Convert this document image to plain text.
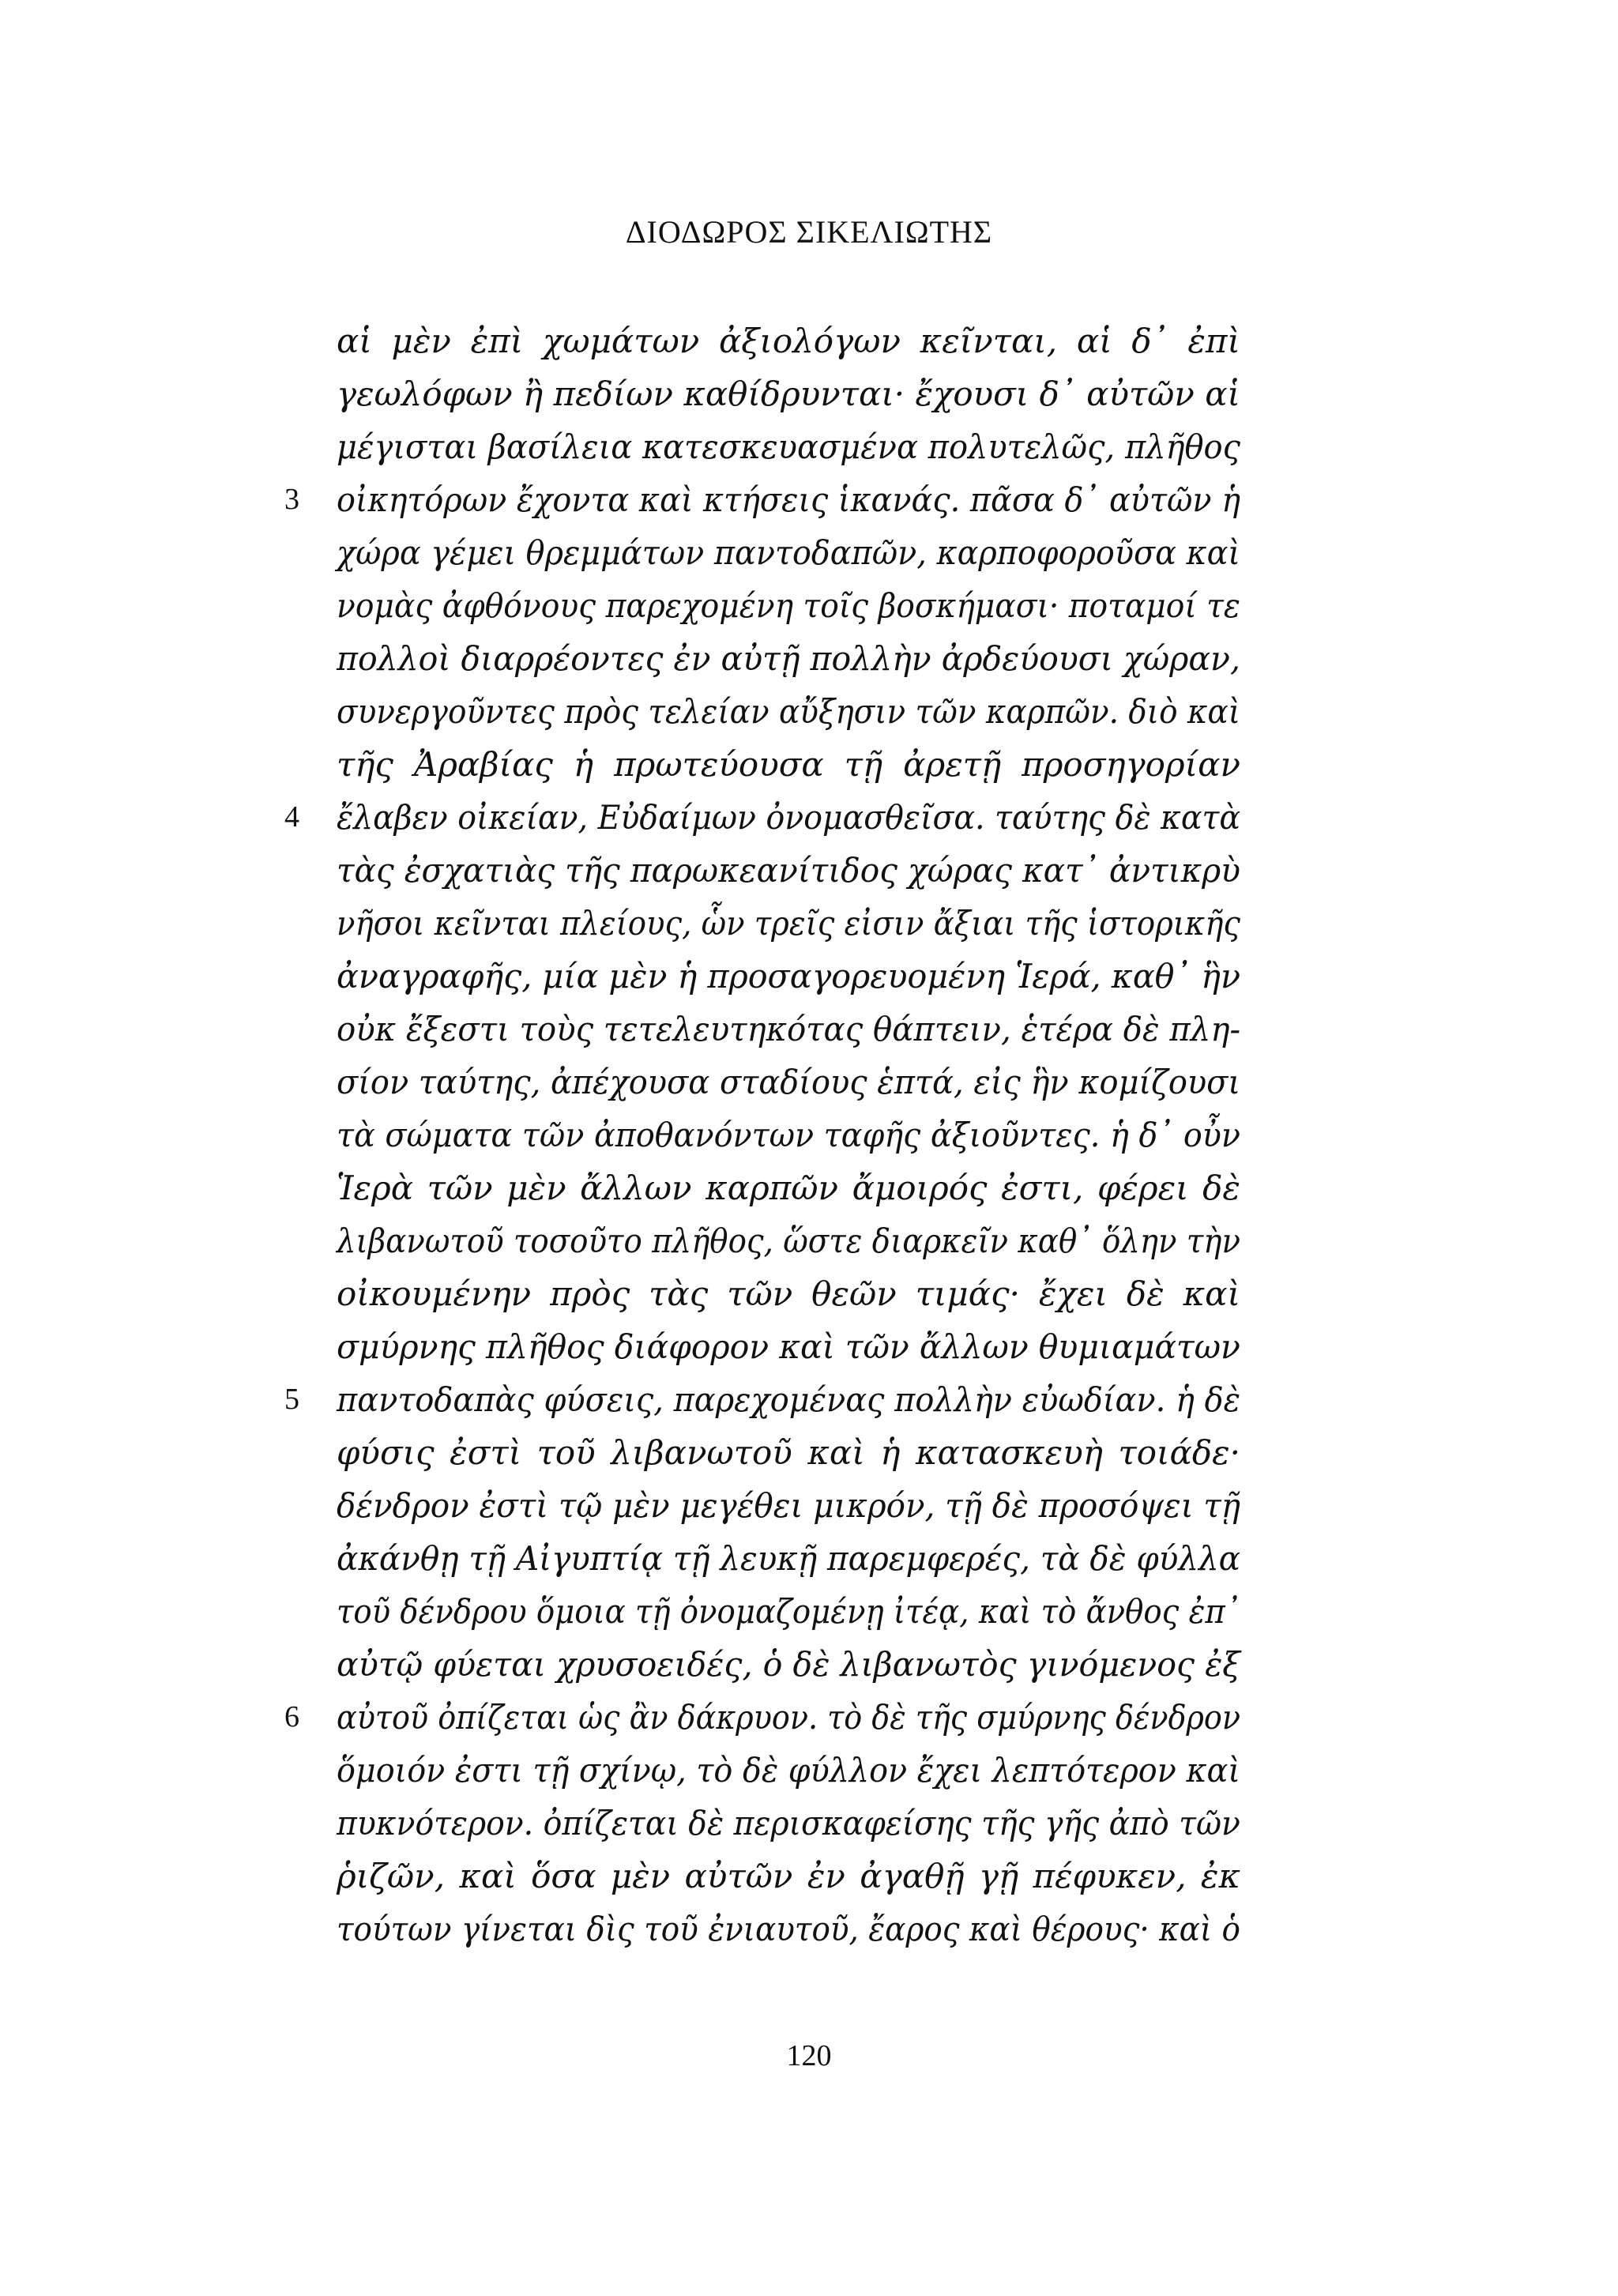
ΔΙΟΔΩΡΟΣ ΣΙΚΕΛΙΩΤΗΣ
αἱ μὲν ἐπὶ χωμάτων ἀξιολόγων κεῖνται, αἱ δ᾽ ἐπὶ
γεωλόφων ἢ πεδίων καθίδρυνται· ἔχουσι δ᾽ αὐτῶν αἱ
μέγισται βασίλεια κατεσκευασμένα πολυτελῶς, πλῆθος
3 οἰκητόρων ἔχοντα καὶ κτήσεις ἱκανάς. πᾶσα δ᾽ αὐτῶν ἡ
χώρα γέμει θρεμμάτων παντοδαπῶν, καρποφοροῦσα καὶ
νομὰς ἀφθόνους παρεχομένη τοῖς βοσκήμασι· ποταμοί τε
πολλοὶ διαρρέοντες ἐν αὐτῇ πολλὴν ἀρδεύουσι χώραν,
συνεργοῦντες πρὸς τελείαν αὔξησιν τῶν καρπῶν. διὸ καὶ
τῆς Ἀραβίας ἡ πρωτεύουσα τῇ ἀρετῇ προσηγορίαν
4 ἔλαβεν οἰκείαν, Εὐδαίμων ὀνομασθεῖσα. ταύτης δὲ κατὰ
τὰς ἐσχατιὰς τῆς παρωκεανίτιδος χώρας κατ᾽ ἀντικρὺ
νῆσοι κεῖνται πλείους, ὧν τρεῖς εἰσιν ἄξιαι τῆς ἱστορικῆς
ἀναγραφῆς, μία μὲν ἡ προσαγορευομένη Ἱερά, καθ᾽ ἣν
οὐκ ἔξεστι τοὺς τετελευτηκότας θάπτειν, ἑτέρα δὲ πλη-
σίον ταύτης, ἀπέχουσα σταδίους ἑπτά, εἰς ἣν κομίζουσι
τὰ σώματα τῶν ἀποθανόντων ταφῆς ἀξιοῦντες. ἡ δ᾽ οὖν
Ἱερὰ τῶν μὲν ἄλλων καρπῶν ἄμοιρός ἐστι, φέρει δὲ
λιβανωτοῦ τοσοῦτο πλῆθος, ὥστε διαρκεῖν καθ᾽ ὅλην τὴν
οἰκουμένην πρὸς τὰς τῶν θεῶν τιμάς· ἔχει δὲ καὶ
σμύρνης πλῆθος διάφορον καὶ τῶν ἄλλων θυμιαμάτων
5 παντοδαπὰς φύσεις, παρεχομένας πολλὴν εὐωδίαν. ἡ δὲ
φύσις ἐστὶ τοῦ λιβανωτοῦ καὶ ἡ κατασκευὴ τοιάδε·
δένδρον ἐστὶ τῷ μὲν μεγέθει μικρόν, τῇ δὲ προσόψει τῇ
ἀκάνθῃ τῇ Αἰγυπτίᾳ τῇ λευκῇ παρεμφερές, τὰ δὲ φύλλα
τοῦ δένδρου ὅμοια τῇ ὀνομαζομένῃ ἰτέᾳ, καὶ τὸ ἄνθος ἐπ᾽
αὐτῷ φύεται χρυσοειδές, ὁ δὲ λιβανωτὸς γινόμενος ἐξ
6 αὐτοῦ ὀπίζεται ὡς ἂν δάκρυον. τὸ δὲ τῆς σμύρνης δένδρον
ὅμοιόν ἐστι τῇ σχίνῳ, τὸ δὲ φύλλον ἔχει λεπτότερον καὶ
πυκνότερον. ὀπίζεται δὲ περισκαφείσης τῆς γῆς ἀπὸ τῶν
ῥιζῶν, καὶ ὅσα μὲν αὐτῶν ἐν ἀγαθῇ γῇ πέφυκεν, ἐκ
τούτων γίνεται δὶς τοῦ ἐνιαυτοῦ, ἔαρος καὶ θέρους· καὶ ὁ
120
